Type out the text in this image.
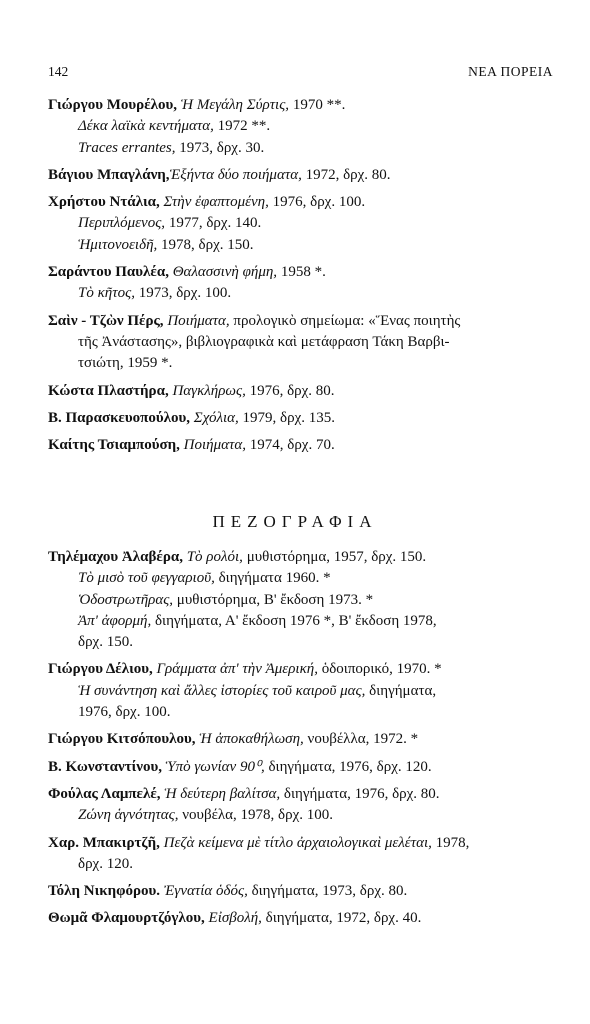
142	ΝΕΑ ΠΟΡΕΙΑ
Γιώργου Μουρέλου, Ἡ Μεγάλη Σύρτις, 1970 **.
Δέκα λαϊκὰ κεντήματα, 1972 **.
Traces errantes, 1973, δρχ. 30.
Βάγιου Μπαγλάνη,Ἑξήντα δύο ποιήματα, 1972, δρχ. 80.
Χρήστου Ντάλια, Στὴν ἐφαπτομένη, 1976, δρχ. 100.
Περιπλόμενος, 1977, δρχ. 140.
Ἡμιτονοειδῆ, 1978, δρχ. 150.
Σαράντου Παυλέα, Θαλασσινὴ φήμη, 1958 *.
Τὸ κῆτος, 1973, δρχ. 100.
Σαὶν - Τζὼν Πέρς, Ποιήματα, προλογικὸ σημείωμα: «Ἕνας ποιητὴς
τῆς Ἀνάστασης», βιβλιογραφικὰ καὶ μετάφραση Τάκη Βαρβι-
τσιώτη, 1959 *.
Κώστα Πλαστήρα, Παγκλήρως, 1976, δρχ. 80.
Β. Παρασκευοπούλου, Σχόλια, 1979, δρχ. 135.
Καίτης Τσιαμπούση, Ποιήματα, 1974, δρχ. 70.
ΠΕΖΟΓΡΑΦΙΑ
Τηλέμαχου Ἀλαβέρα, Τὸ ρολόι, μυθιστόρημα, 1957, δρχ. 150.
Τὸ μισὸ τοῦ φεγγαριοῦ, διηγήματα 1960. *
Ὁδοστρωτῆρας, μυθιστόρημα, Β' ἔκδοση 1973. *
Ἀπ' ἀφορμή, διηγήματα, Α' ἔκδοση 1976 *, Β' ἔκδοση 1978,
δρχ. 150.
Γιώργου Δέλιου, Γράμματα ἀπ' τὴν Ἀμερική, ὁδοιπορικό, 1970. *
Ἡ συνάντηση καὶ ἄλλες ἱστορίες τοῦ καιροῦ μας, διηγήματα,
1976, δρχ. 100.
Γιώργου Κιτσόπουλου, Ἡ ἀποκαθήλωση, νουβέλλα, 1972. *
Β. Κωνσταντίνου, Ὑπὸ γωνίαν 90⁰, διηγήματα, 1976, δρχ. 120.
Φούλας Λαμπελέ, Ἡ δεύτερη βαλίτσα, διηγήματα, 1976, δρχ. 80.
Ζώνη ἁγνότητας, νουβέλα, 1978, δρχ. 100.
Χαρ. Μπακιρτζῆ, Πεζὰ κείμενα μὲ τίτλο ἀρχαιολογικαὶ μελέται, 1978,
δρχ. 120.
Τόλη Νικηφόρου. Ἐγνατία ὁδός, διηγήματα, 1973, δρχ. 80.
Θωμᾶ Φλαμουρτζόγλου, Εἰσβολή, διηγήματα, 1972, δρχ. 40.
